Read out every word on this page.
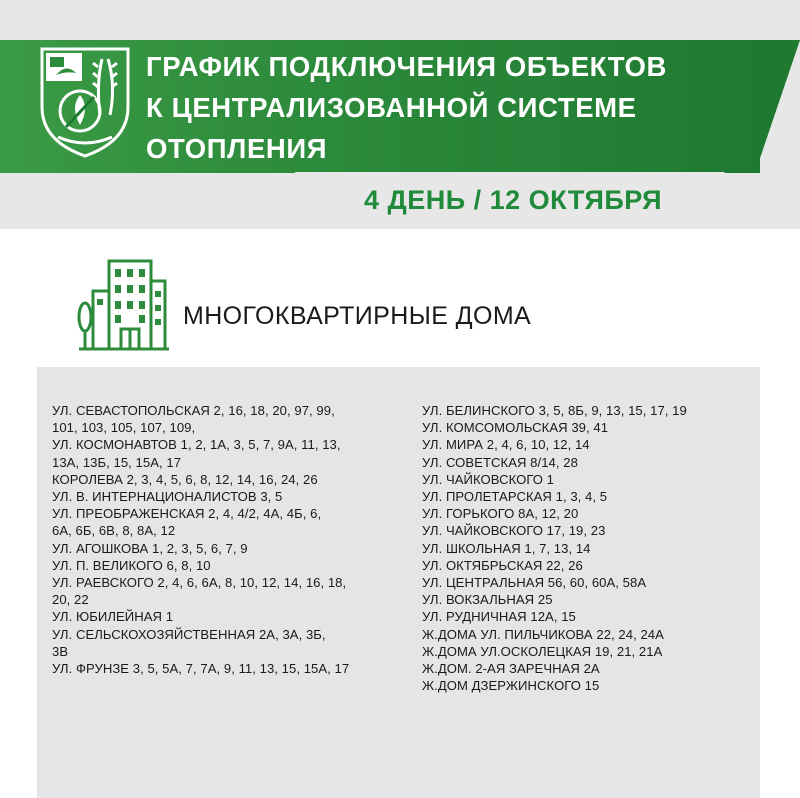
ГРАФИК ПОДКЛЮЧЕНИЯ ОБЪЕКТОВ
К ЦЕНТРАЛИЗОВАННОЙ СИСТЕМЕ
ОТОПЛЕНИЯ
4 ДЕНЬ / 12 ОКТЯБРЯ
МНОГОКВАРТИРНЫЕ ДОМА
УЛ. СЕВАСТОПОЛЬСКАЯ 2, 16, 18, 20, 97, 99,
101, 103, 105, 107, 109,
УЛ. КОСМОНАВТОВ 1, 2, 1А, 3, 5, 7, 9А, 11, 13,
13А, 13Б, 15, 15А, 17
КОРОЛЕВА 2, 3, 4, 5, 6, 8, 12, 14, 16, 24, 26
УЛ. В. ИНТЕРНАЦИОНАЛИСТОВ 3, 5
УЛ. ПРЕОБРАЖЕНСКАЯ 2, 4, 4/2, 4А, 4Б, 6,
6А, 6Б, 6В, 8, 8А, 12
УЛ. АГОШКОВА 1, 2, 3, 5, 6, 7, 9
УЛ. П. ВЕЛИКОГО 6, 8, 10
УЛ. РАЕВСКОГО 2, 4, 6, 6А, 8, 10, 12, 14, 16, 18,
20, 22
УЛ. ЮБИЛЕЙНАЯ 1
УЛ. СЕЛЬСКОХОЗЯЙСТВЕННАЯ 2А, 3А, 3Б,
3В
УЛ. ФРУНЗЕ 3, 5, 5А, 7, 7А, 9, 11, 13, 15, 15А, 17
УЛ. БЕЛИНСКОГО 3, 5, 8Б, 9, 13, 15, 17, 19
УЛ. КОМСОМОЛЬСКАЯ 39, 41
УЛ. МИРА 2, 4, 6, 10, 12, 14
УЛ. СОВЕТСКАЯ 8/14, 28
УЛ. ЧАЙКОВСКОГО 1
УЛ. ПРОЛЕТАРСКАЯ 1, 3, 4, 5
УЛ. ГОРЬКОГО 8А, 12, 20
УЛ. ЧАЙКОВСКОГО 17, 19, 23
УЛ. ШКОЛЬНАЯ 1, 7, 13, 14
УЛ. ОКТЯБРЬСКАЯ 22, 26
УЛ. ЦЕНТРАЛЬНАЯ 56, 60, 60А, 58А
УЛ. ВОКЗАЛЬНАЯ 25
УЛ. РУДНИЧНАЯ 12А, 15
Ж.ДОМА УЛ. ПИЛЬЧИКОВА 22, 24, 24А
Ж.ДОМА УЛ.ОСКОЛЕЦКАЯ 19, 21, 21А
Ж.ДОМ. 2-АЯ ЗАРЕЧНАЯ 2А
Ж.ДОМ ДЗЕРЖИНСКОГО 15
